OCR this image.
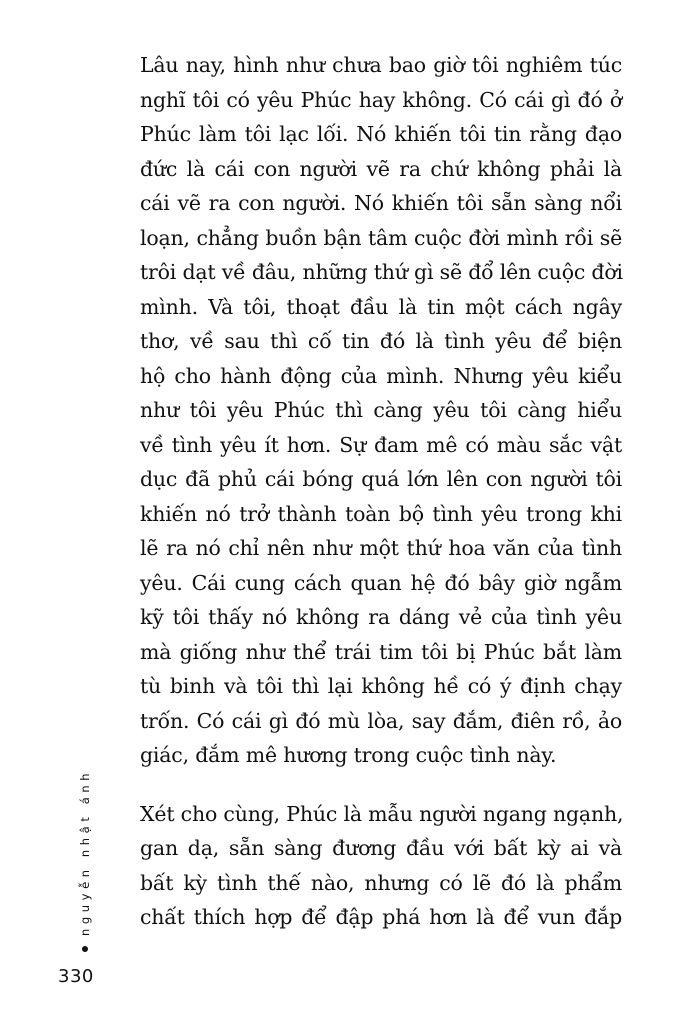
Lâu nay, hình như chưa bao giờ tôi nghiêm túc
nghĩ tôi có yêu Phúc hay không. Có cái gì đó ở
Phúc làm tôi lạc lối. Nó khiến tôi tin rằng đạo
đức là cái con người vẽ ra chứ không phải là
cái vẽ ra con người. Nó khiến tôi sẵn sàng nổi
loạn, chẳng buồn bận tâm cuộc đời mình rồi sẽ
trôi dạt về đâu, những thứ gì sẽ đổ lên cuộc đời
mình. Và tôi, thoạt đầu là tin một cách ngây
thơ, về sau thì cố tin đó là tình yêu để biện
hộ cho hành động của mình. Nhưng yêu kiểu
như tôi yêu Phúc thì càng yêu tôi càng hiểu
về tình yêu ít hơn. Sự đam mê có màu sắc vật
dục đã phủ cái bóng quá lớn lên con người tôi
khiến nó trở thành toàn bộ tình yêu trong khi
lẽ ra nó chỉ nên như một thứ hoa văn của tình
yêu. Cái cung cách quan hệ đó bây giờ ngẫm
kỹ tôi thấy nó không ra dáng vẻ của tình yêu
mà giống như thể trái tim tôi bị Phúc bắt làm
tù binh và tôi thì lại không hề có ý định chạy
trốn. Có cái gì đó mù lòa, say đắm, điên rồ, ảo
giác, đắm mê hương trong cuộc tình này.
Xét cho cùng, Phúc là mẫu người ngang ngạnh,
gan dạ, sẵn sàng đương đầu với bất kỳ ai và
bất kỳ tình thế nào, nhưng có lẽ đó là phẩm
chất thích hợp để đập phá hơn là để vun đắp
nguyễn nhật ánh
330
